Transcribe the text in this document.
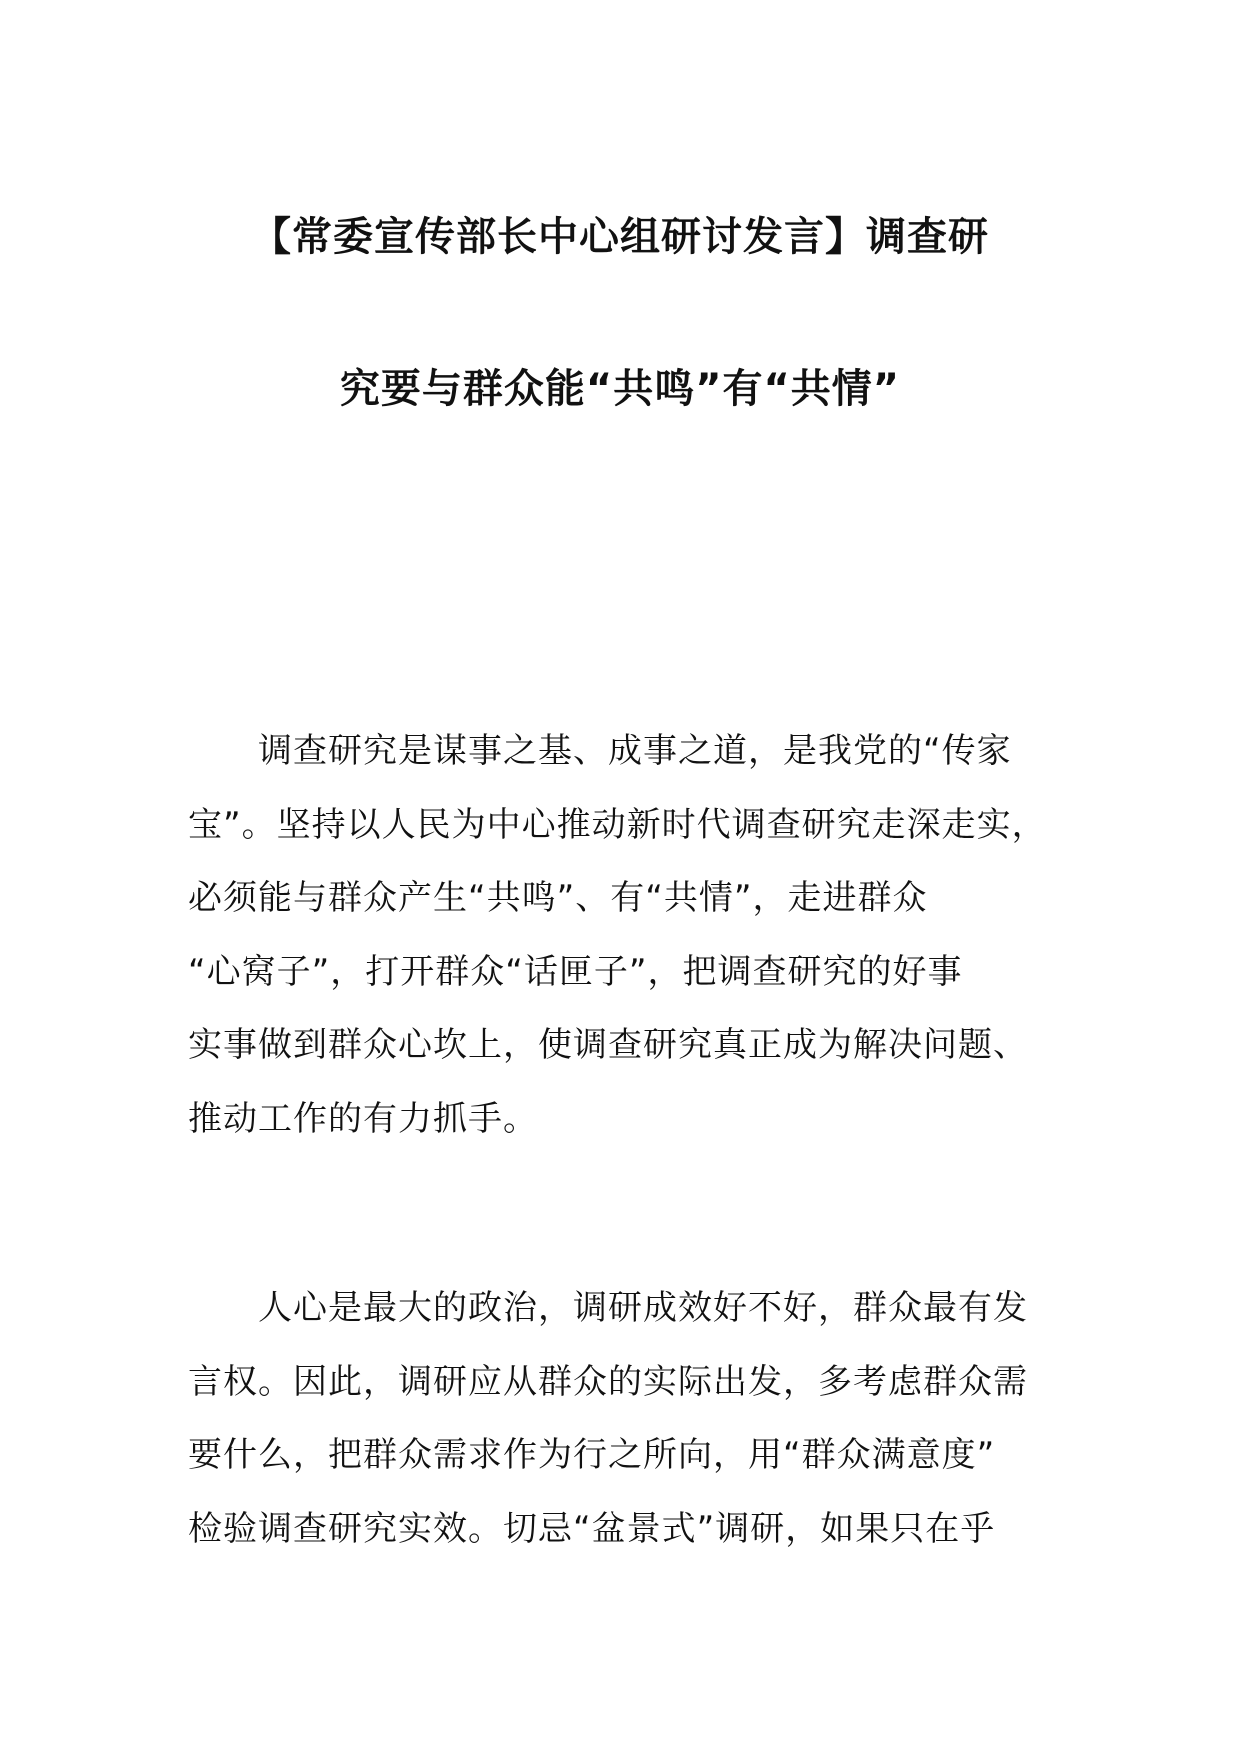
【常委宣传部长中心组研讨发言】调查研
究要与群众能“共鸣”有“共情”
调查研究是谋事之基、成事之道，是我党的“传家
宝”。坚持以人民为中心推动新时代调查研究走深走实，
必须能与群众产生“共鸣”、有“共情”，走进群众
“心窝子”，打开群众“话匣子”，把调查研究的好事
实事做到群众心坎上，使调查研究真正成为解决问题、
推动工作的有力抓手。
人心是最大的政治，调研成效好不好，群众最有发
言权。因此，调研应从群众的实际出发，多考虑群众需
要什么，把群众需求作为行之所向，用“群众满意度”
检验调查研究实效。切忌“盆景式”调研，如果只在乎
